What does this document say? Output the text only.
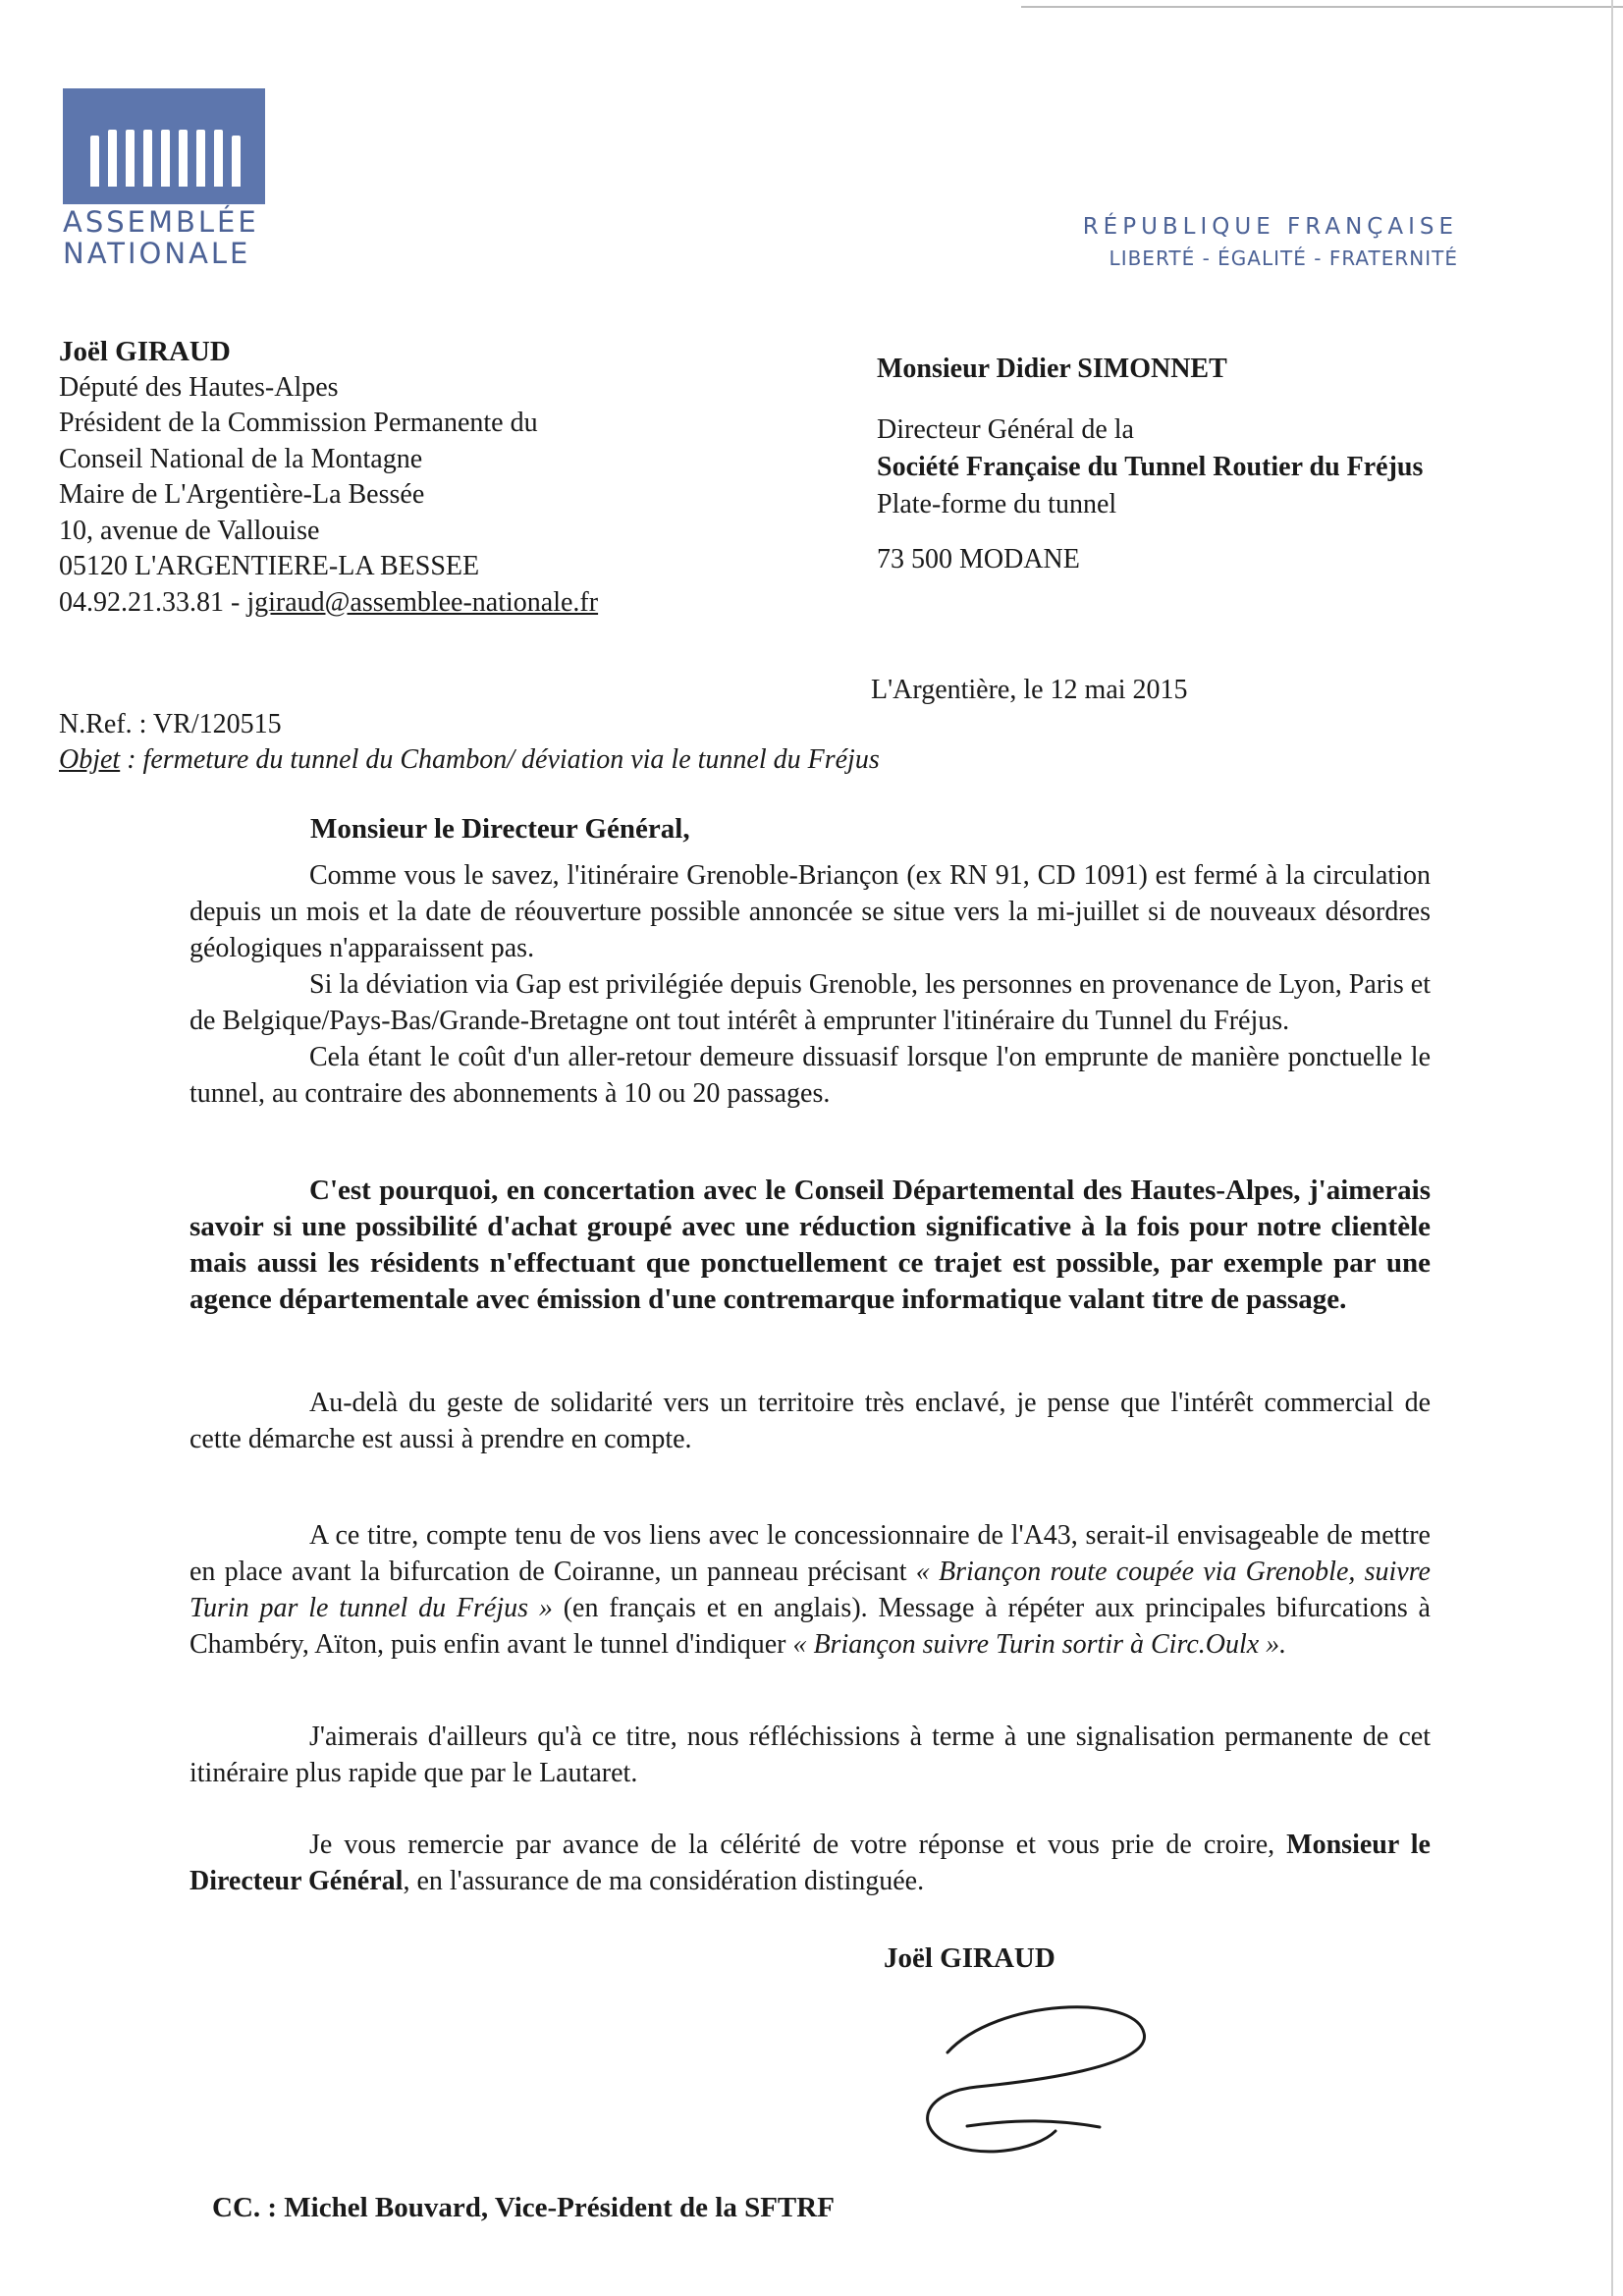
ASSEMBLÉE
NATIONALE
RÉPUBLIQUE FRANÇAISE
LIBERTÉ - ÉGALITÉ - FRATERNITÉ
Joël GIRAUD
Député des Hautes-Alpes
Président de la Commission Permanente du
Conseil National de la Montagne
Maire de L'Argentière-La Bessée
10, avenue de Vallouise
05120 L'ARGENTIERE-LA BESSEE
04.92.21.33.81 - jgiraud@assemblee-nationale.fr
Monsieur Didier SIMONNET
Directeur Général de la
Société Française du Tunnel Routier du Fréjus
Plate-forme du tunnel
73 500 MODANE
L'Argentière, le 12 mai 2015
N.Ref. : VR/120515
Objet : fermeture du tunnel du Chambon/ déviation via le tunnel du Fréjus
Monsieur le Directeur Général,

Comme vous le savez, l'itinéraire Grenoble-Briançon (ex RN 91, CD 1091) est fermé à la circulation depuis un mois et la date de réouverture possible annoncée se situe vers la mi-juillet si de nouveaux désordres géologiques n'apparaissent pas.

Si la déviation via Gap est privilégiée depuis Grenoble, les personnes en provenance de Lyon, Paris et de Belgique/Pays-Bas/Grande-Bretagne ont tout intérêt à emprunter l'itinéraire du Tunnel du Fréjus.

Cela étant le coût d'un aller-retour demeure dissuasif lorsque l'on emprunte de manière ponctuelle le tunnel, au contraire des abonnements à 10 ou 20 passages.

C'est pourquoi, en concertation avec le Conseil Départemental des Hautes-Alpes, j'aimerais savoir si une possibilité d'achat groupé avec une réduction significative à la fois pour notre clientèle mais aussi les résidents n'effectuant que ponctuellement ce trajet est possible, par exemple par une agence départementale avec émission d'une contremarque informatique valant titre de passage.

Au-delà du geste de solidarité vers un territoire très enclavé, je pense que l'intérêt commercial de cette démarche est aussi à prendre en compte.

A ce titre, compte tenu de vos liens avec le concessionnaire de l'A43, serait-il envisageable de mettre en place avant la bifurcation de Coiranne, un panneau précisant « Briançon route coupée via Grenoble, suivre Turin par le tunnel du Fréjus » (en français et en anglais). Message à répéter aux principales bifurcations à Chambéry, Aïton, puis enfin avant le tunnel d'indiquer « Briançon suivre Turin sortir à Circ.Oulx ».

J'aimerais d'ailleurs qu'à ce titre, nous réfléchissions à terme à une signalisation permanente de cet itinéraire plus rapide que par le Lautaret.

Je vous remercie par avance de la célérité de votre réponse et vous prie de croire, Monsieur le Directeur Général, en l'assurance de ma considération distinguée.

Joël GIRAUD
CC. : Michel Bouvard, Vice-Président de la SFTRF
